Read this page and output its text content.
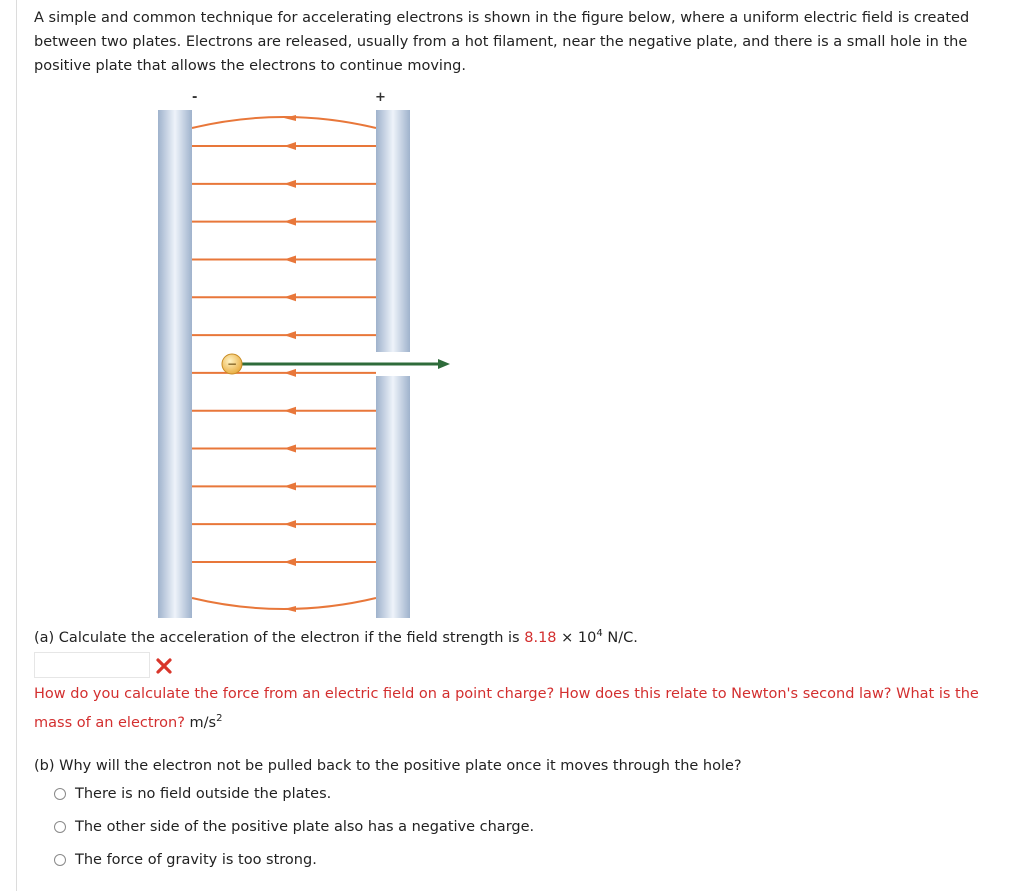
A simple and common technique for accelerating electrons is shown in the figure below, where a uniform electric field is created between two plates. Electrons are released, usually from a hot filament, near the negative plate, and there is a small hole in the positive plate that allows the electrons to continue moving.

-	+
−
(a) Calculate the acceleration of the electron if the field strength is $8.18 \times 10^4$ N/C.
How do you calculate the force from an electric field on a point charge? How does this relate to Newton's second law? What is the mass of an electron? $m/s^2$
(b) Why will the electron not be pulled back to the positive plate once it moves through the hole?
There is no field outside the plates.
The other side of the positive plate also has a negative charge.
The force of gravity is too strong.
